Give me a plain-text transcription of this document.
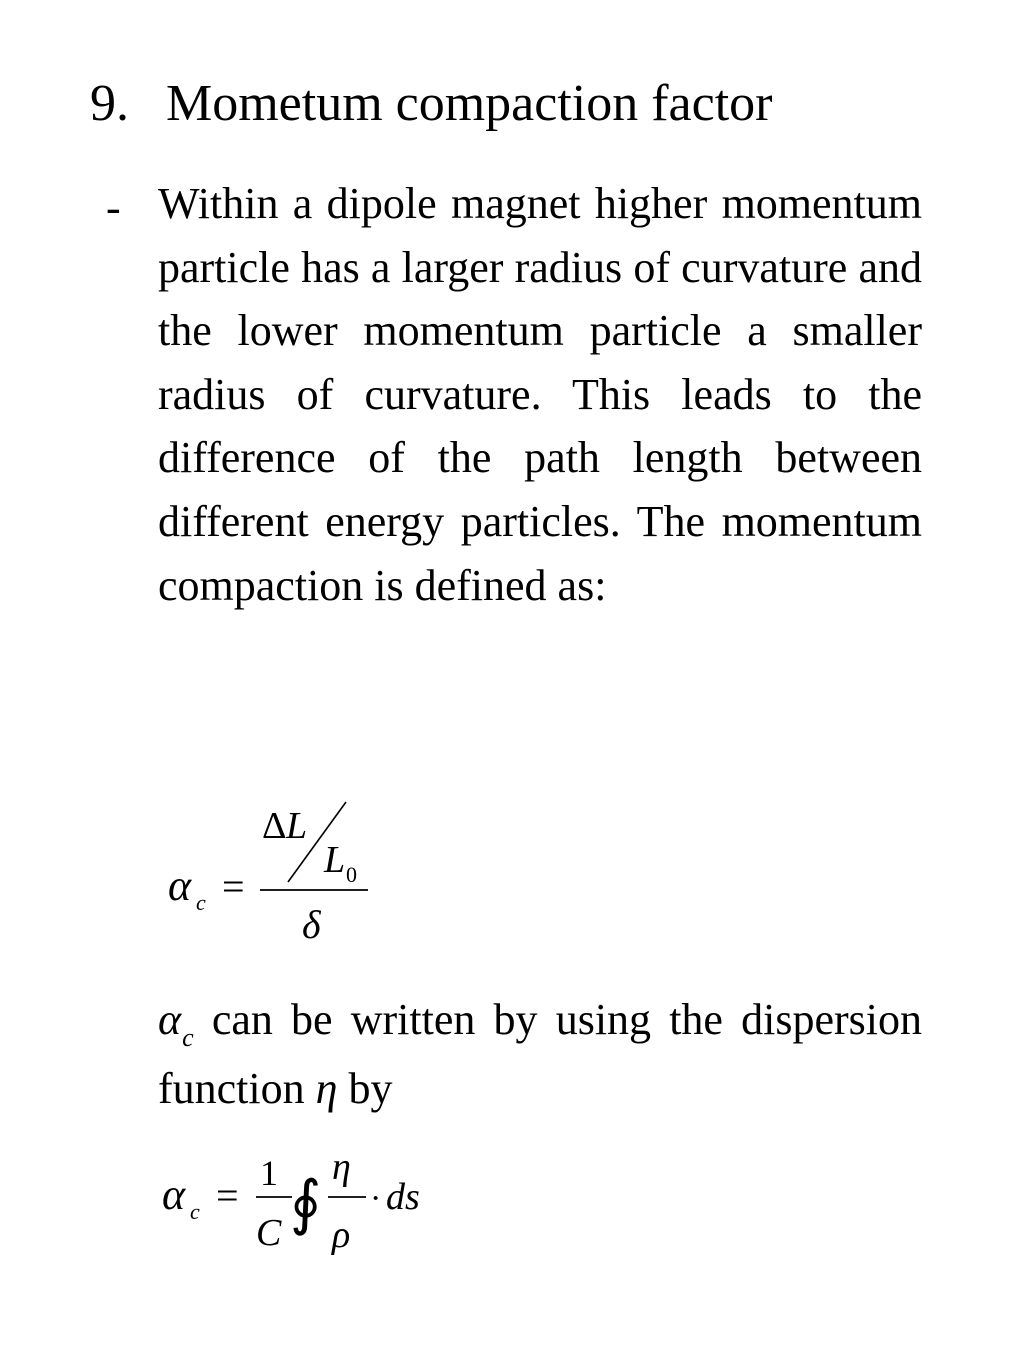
9. Mometum compaction factor
- Within a dipole magnet higher momentum particle has a larger radius of curvature and the lower momentum particle a smaller radius of curvature. This leads to the difference of the path length between different energy particles. The momentum compaction is defined as:
α c =
Δ L
L 0
δ
$\alpha_c$ can be written by using the dispersion function η by
α c = 1
C ∮
η
ρ
· ds
